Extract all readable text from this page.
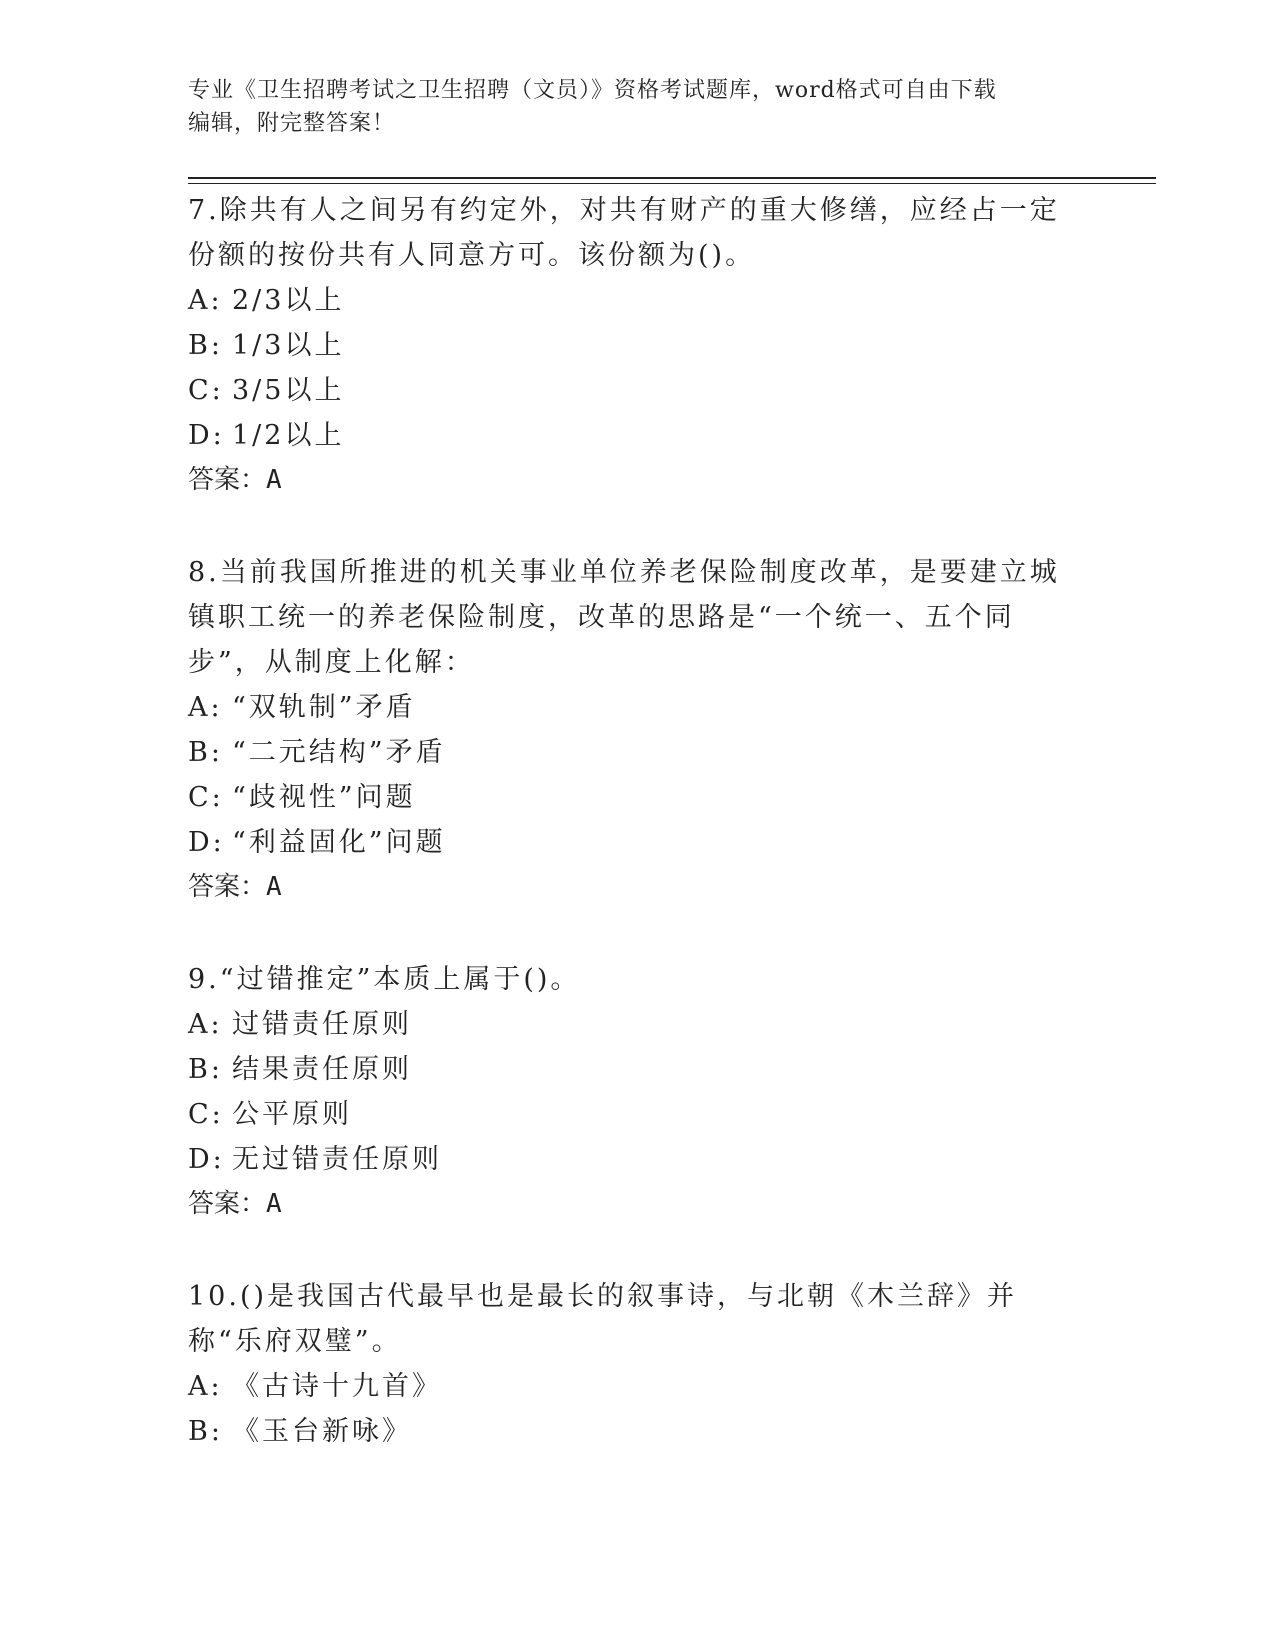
专业《卫生招聘考试之卫生招聘（文员）》资格考试题库，word格式可自由下载
编辑，附完整答案！

7.除共有人之间另有约定外，对共有财产的重大修缮，应经占一定份额的按份共有人同意方可。该份额为()。

A: 2/3以上

B: 1/3以上

C: 3/5以上

D: 1/2以上

答案：A

8.当前我国所推进的机关事业单位养老保险制度改革，是要建立城镇职工统一的养老保险制度，改革的思路是“一个统一、五个同步”，从制度上化解：

A: “双轨制”矛盾

B: “二元结构”矛盾

C: “歧视性”问题

D: “利益固化”问题

答案：A

9.“过错推定”本质上属于()。

A: 过错责任原则

B: 结果责任原则

C: 公平原则

D: 无过错责任原则

答案：A

10.()是我国古代最早也是最长的叙事诗，与北朝《木兰辞》并称“乐府双璧”。

A: 《古诗十九首》

B: 《玉台新咏》
